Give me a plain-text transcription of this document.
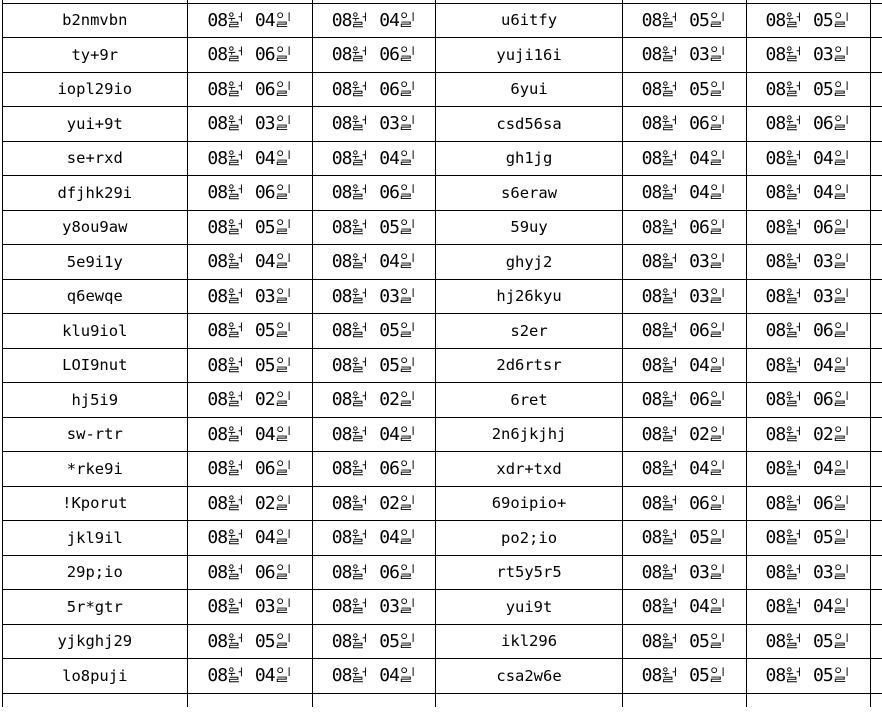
b2nmvbn	08 04	08 04	u6itfy	08 05	08 05	
ty+9r	08 06	08 06	yuji16i	08 03	08 03	
iopl29io	08 06	08 06	6yui	08 05	08 05	
yui+9t	08 03	08 03	csd56sa	08 06	08 06	
se+rxd	08 04	08 04	gh1jg	08 04	08 04	
dfjhk29i	08 06	08 06	s6eraw	08 04	08 04	
y8ou9aw	08 05	08 05	59uy	08 06	08 06	
5e9i1y	08 04	08 04	ghyj2	08 03	08 03	
q6ewqe	08 03	08 03	hj26kyu	08 03	08 03	
klu9iol	08 05	08 05	s2er	08 06	08 06	
LOI9nut	08 05	08 05	2d6rtsr	08 04	08 04	
hj5i9	08 02	08 02	6ret	08 06	08 06	
sw-rtr	08 04	08 04	2n6jkjhj	08 02	08 02	
*rke9i	08 06	08 06	xdr+txd	08 04	08 04	
!Kporut	08 02	08 02	69oipio+	08 06	08 06	
jkl9il	08 04	08 04	po2;io	08 05	08 05	
29p;io	08 06	08 06	rt5y5r5	08 03	08 03	
5r*gtr	08 03	08 03	yui9t	08 04	08 04	
yjkghj29	08 05	08 05	ikl296	08 05	08 05	
lo8puji	08 04	08 04	csa2w6e	08 05	08 05	
